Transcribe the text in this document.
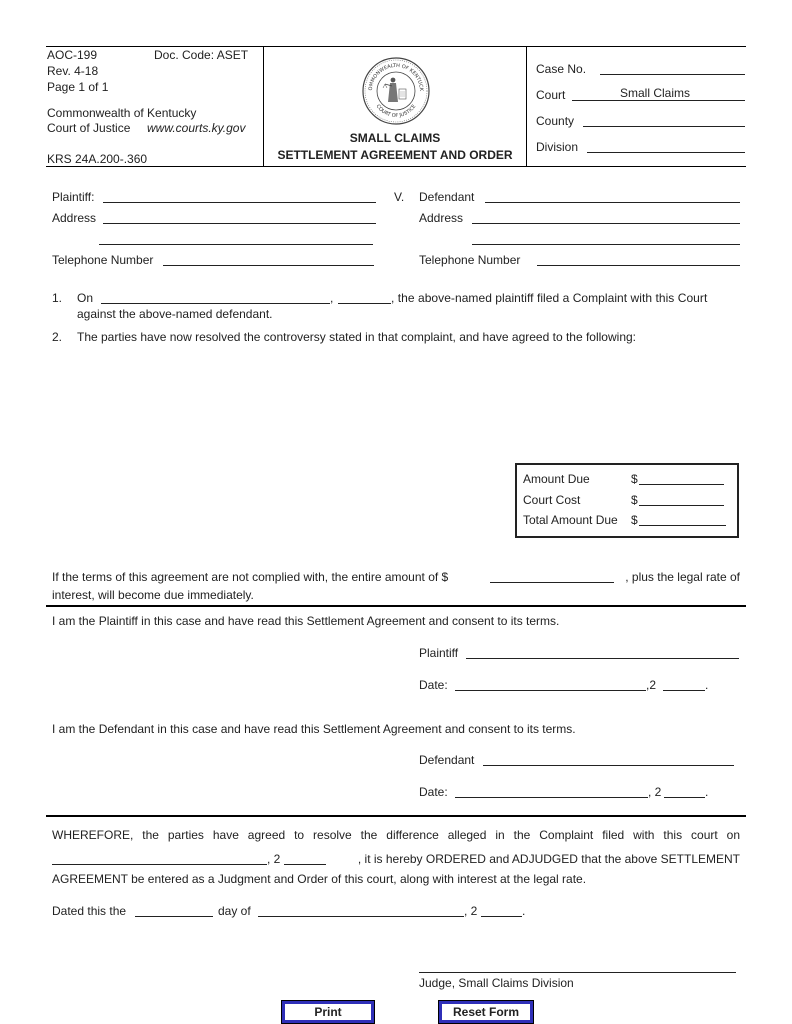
AOC-199	Doc. Code: ASET
Rev. 4-18
Page 1 of 1
Commonwealth of Kentucky
Court of Justice www.courts.ky.gov
KRS 24A.200-.360
OMMONWEALTH OF KENTUCK
COURT OF JUSTICE
SMALL CLAIMS
SETTLEMENT AGREEMENT AND ORDER
Case No.
Court	Small Claims
County
Division
Plaintiff:	V. Defendant
Address	Address
Telephone Number	Telephone Number
1. On	,	, the above-named plaintiff filed a Complaint with this Court
against the above-named defendant.
2. The parties have now resolved the controversy stated in that complaint, and have agreed to the following:
Amount Due	$
Court Cost	$
Total Amount Due $
If the terms of this agreement are not complied with, the entire amount of $	, plus the legal rate of
interest, will become due immediately.
I am the Plaintiff in this case and have read this Settlement Agreement and consent to its terms.
Plaintiff
Date:	,2	.
I am the Defendant in this case and have read this Settlement Agreement and consent to its terms.
Defendant
Date:	, 2	.
WHEREFORE, the parties have agreed to resolve the difference alleged in the Complaint filed with this court on
, 2	, it is hereby ORDERED and ADJUDGED that the above SETTLEMENT
AGREEMENT be entered as a Judgment and Order of this court, along with interest at the legal rate.
Dated this the	day of	, 2	.
Judge, Small Claims Division
Print	Reset Form
